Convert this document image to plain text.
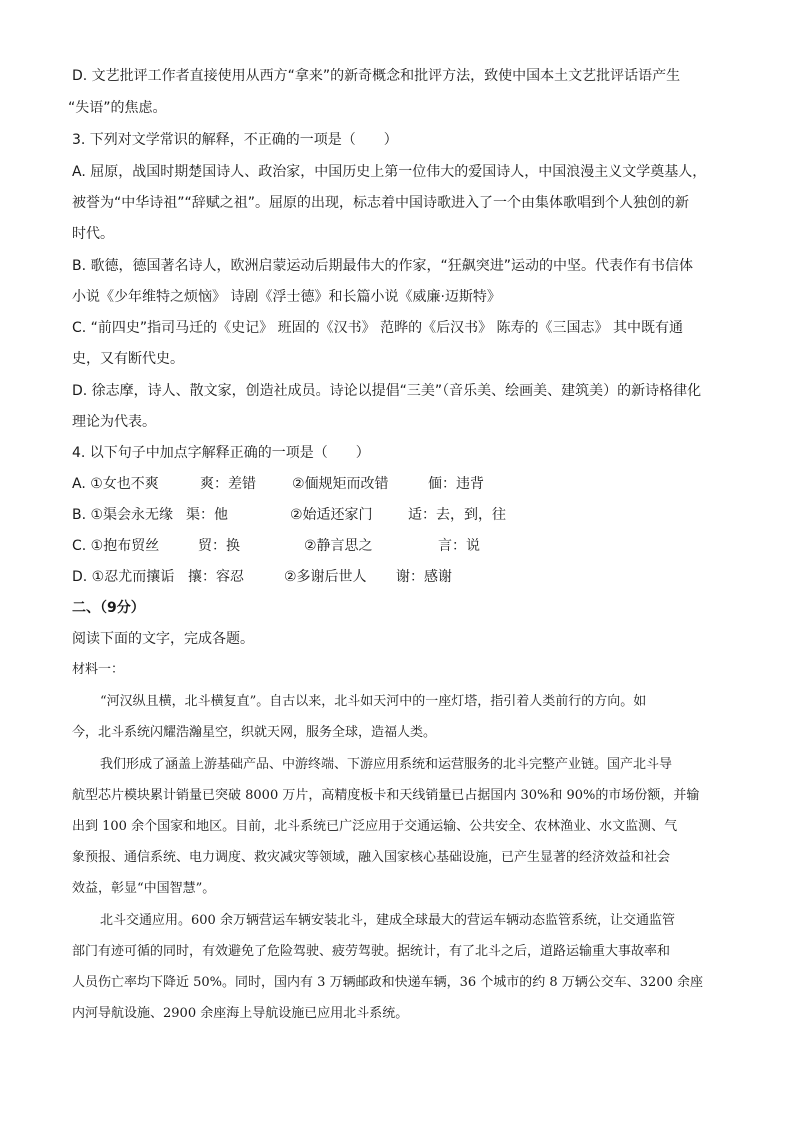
D. 文艺批评工作者直接使用从西方“拿来”的新奇概念和批评方法，致使中国本土文艺批评话语产生

“失语”的焦虑。

3. 下列对文学常识的解释，不正确的一项是（　　）

A. 屈原，战国时期楚国诗人、政治家，中国历史上第一位伟大的爱国诗人，中国浪漫主义文学奠基人，

被誉为“中华诗祖”“辞赋之祖”。屈原的出现，标志着中国诗歌进入了一个由集体歌唱到个人独创的新

时代。

B. 歌德，德国著名诗人，欧洲启蒙运动后期最伟大的作家，“狂飙突进”运动的中坚。代表作有书信体

小说《少年维特之烦恼》 诗剧《浮士德》和长篇小说《威廉·迈斯特》

C. “前四史”指司马迁的《史记》 班固的《汉书》 范晔的《后汉书》 陈寿的《三国志》 其中既有通

史，又有断代史。

D. 徐志摩，诗人、散文家，创造社成员。诗论以提倡“三美”（音乐美、绘画美、建筑美）的新诗格律化

理论为代表。

4. 以下句子中加点字解释正确的一项是（　　）

A. ①女也不爽	爽：差错	②偭规矩而改错	偭：违背
B. ①渠会永无缘 渠：他	②始适还家门	适：去，到，往
C. ①抱布贸丝	贸：换	②静言思之	言：说
D. ①忍尤而攘诟 攘：容忍	②多谢后世人 谢：感谢

二、（9分）

阅读下面的文字，完成各题。

材料一：

“河汉纵且横，北斗横复直”。自古以来，北斗如天河中的一座灯塔，指引着人类前行的方向。如

今，北斗系统闪耀浩瀚星空，织就天网，服务全球，造福人类。

我们形成了涵盖上游基础产品、中游终端、下游应用系统和运营服务的北斗完整产业链。国产北斗导

航型芯片模块累计销量已突破 8000 万片，高精度板卡和天线销量已占据国内 30%和 90%的市场份额，并输

出到 100 余个国家和地区。目前，北斗系统已广泛应用于交通运输、公共安全、农林渔业、水文监测、气

象预报、通信系统、电力调度、救灾减灾等领域，融入国家核心基础设施，已产生显著的经济效益和社会

效益，彰显“中国智慧”。

北斗交通应用。600 余万辆营运车辆安装北斗，建成全球最大的营运车辆动态监管系统，让交通监管

部门有迹可循的同时，有效避免了危险驾驶、疲劳驾驶。据统计，有了北斗之后，道路运输重大事故率和

人员伤亡率均下降近 50%。同时，国内有 3 万辆邮政和快递车辆，36 个城市的约 8 万辆公交车、3200 余座

内河导航设施、2900 余座海上导航设施已应用北斗系统。
